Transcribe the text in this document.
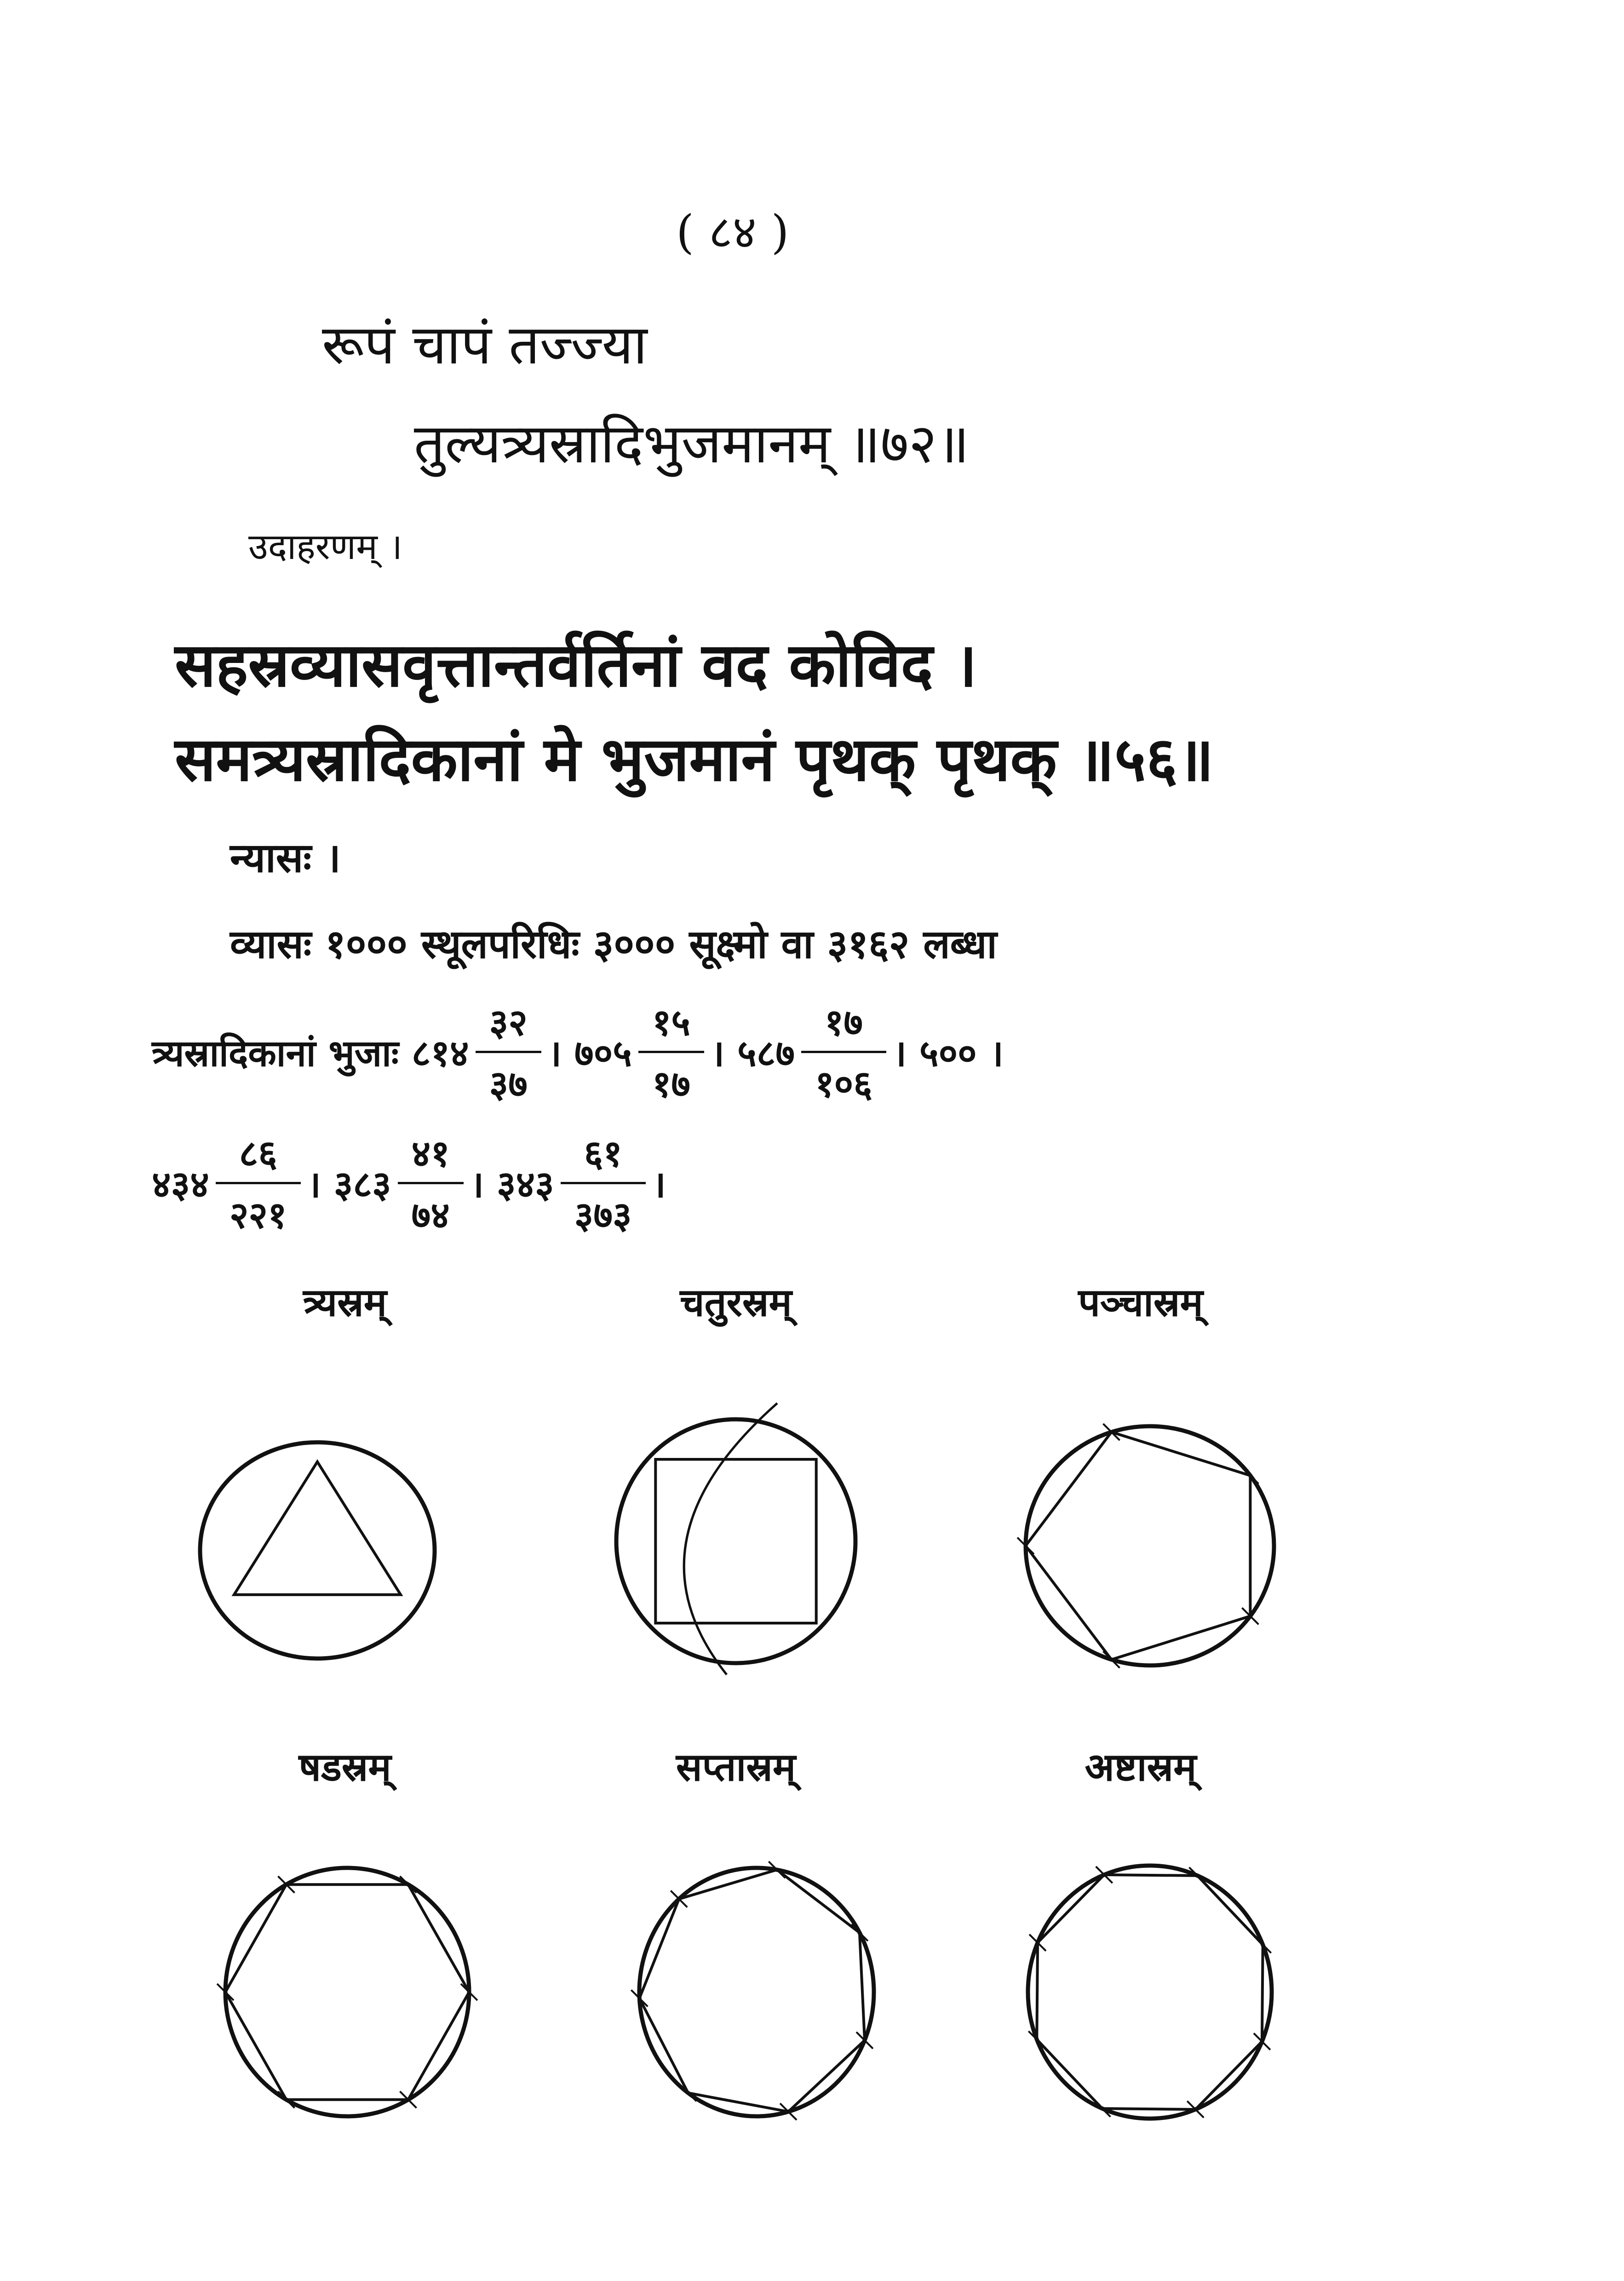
( ८४ )
रूपं चापं तज्ज्या
तुल्यत्र्यस्रादिभुजमानम् ॥७२॥
उदाहरणम् ।
सहस्रव्यासवृत्तान्तर्वर्तिनां वद कोविद ।
समत्र्यस्रादिकानां मे भुजमानं पृथक् पृथक् ॥५६॥
न्यासः ।
व्यासः १००० स्थूलपरिधिः ३००० सूक्ष्मो वा ३१६२ लब्धा
त्र्यस्रादिकानां भुजाः ८१४ $\frac{३२}{३७}$ । ७०५ $\frac{१५}{१७}$ । ५८७ $\frac{१७}{१०६}$ । ५०० ।
४३४ $\frac{८६}{२२१}$ । ३८३ $\frac{४१}{७४}$ । ३४३ $\frac{६१}{३७३}$ ।
त्र्यस्रम्	चतुरस्रम्	पञ्चास्रम्
षडस्रम्	सप्तास्रम्	अष्टास्रम्
